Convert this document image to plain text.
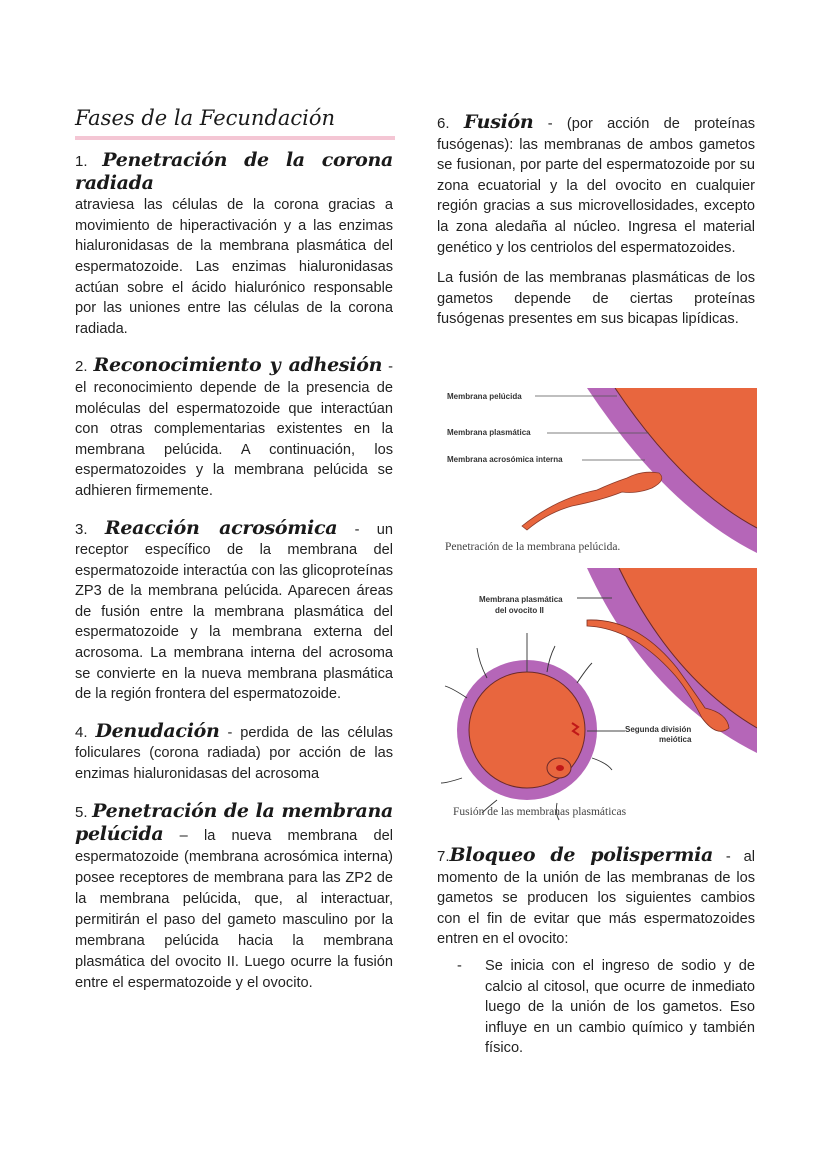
Fases de la Fecundación

1. Penetración de la corona radiada
atraviesa las células de la corona gracias a movimiento de hiperactivación y a las enzimas hialuronidasas de la membrana plasmática del espermatozoide. Las enzimas hialuronidasas actúan sobre el ácido hialurónico responsable por las uniones entre las células de la corona radiada.

2. Reconocimiento y adhesión - el reconocimiento depende de la presencia de moléculas del espermatozoide que interactúan con otras complementarias existentes en la membrana pelúcida. A continuación, los espermatozoides y la membrana pelúcida se adhieren firmemente.

3. Reacción acrosómica - un receptor específico de la membrana del espermatozoide interactúa con las glicoproteínas ZP3 de la membrana pelúcida. Aparecen áreas de fusión entre la membrana plasmática del espermatozoide y la membrana externa del acrosoma. La membrana interna del acrosoma se convierte en la nueva membrana plasmática de la región frontera del espermatozoide.

4. Denudación - perdida de las células foliculares (corona radiada) por acción de las enzimas hialuronidasas del acrosoma

5. Penetración de la membrana pelúcida – la nueva membrana del espermatozoide (membrana acrosómica interna) posee receptores de membrana para las ZP2 de la membrana pelúcida, que, al interactuar, permitirán el paso del gameto masculino por la membrana pelúcida hacia la membrana plasmática del ovocito II. Luego ocurre la fusión entre el espermatozoide y el ovocito.

6. Fusión - (por acción de proteínas fusógenas): las membranas de ambos gametos se fusionan, por parte del espermatozoide por su zona ecuatorial y la del ovocito en cualquier región gracias a sus microvellosidades, excepto la zona aledaña al núcleo. Ingresa el material genético y los centriolos del espermatozoides.

La fusión de las membranas plasmáticas de los gametos depende de ciertas proteínas fusógenas presentes em sus bicapas lipídicas.

Membrana pelúcida
Membrana plasmática
Membrana acrosómica interna
Penetración de la membrana pelúcida.
Membrana plasmática
del ovocito II
Segunda división
meiótica
Fusión de las membranas plasmáticas

7.Bloqueo de polispermia - al momento de la unión de las membranas de los gametos se producen los siguientes cambios con el fin de evitar que más espermatozoides entren en el ovocito:

- Se inicia con el ingreso de sodio y de calcio al citosol, que ocurre de inmediato luego de la unión de los gametos. Eso influye en un cambio químico y también físico.
